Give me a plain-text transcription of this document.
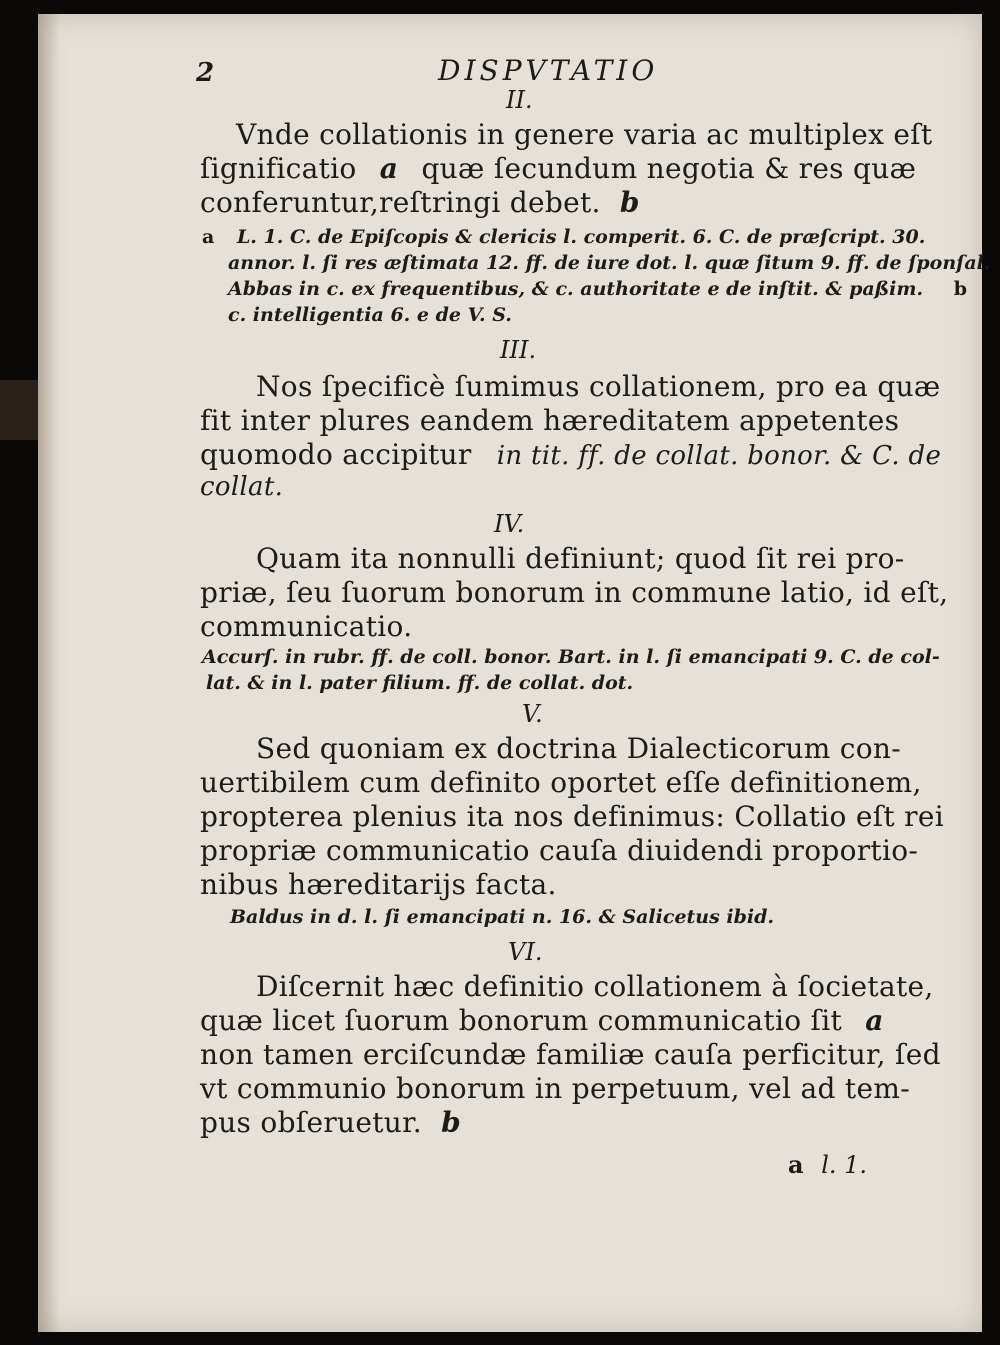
2	DISPVTATIO
II.
Vnde collationis in genere varia ac multiplex eſt
ſignificatio a quæ ſecundum negotia & res quæ
conferuntur,reſtringi debet. b
a L. 1. C. de Epiſcopis & clericis l. comperit. 6. C. de præſcript. 30.
annor. l. ſi res æſtimata 12. ff. de iure dot. l. quæ ſitum 9. ff. de ſponſal.
Abbas in c. ex frequentibus, & c. authoritate e de inſtit. & paßim. b
c. intelligentia 6. e de V. S.
III.
Nos ſpecificè ſumimus collationem, pro ea quæ
fit inter plures eandem hæreditatem appetentes
quomodo accipitur in tit. ff. de collat. bonor. & C. de
collat.
IV.
Quam ita nonnulli definiunt; quod ſit rei pro-
priæ, ſeu ſuorum bonorum in commune latio, id eſt,
communicatio.
Accurſ. in rubr. ff. de coll. bonor. Bart. in l. ſi emancipati 9. C. de col-
lat. & in l. pater filium. ff. de collat. dot.
V.
Sed quoniam ex doctrina Dialecticorum con-
uertibilem cum definito oportet eſſe definitionem,
propterea plenius ita nos definimus: Collatio eſt rei
propriæ communicatio cauſa diuidendi proportio-
nibus hæreditarijs facta.
Baldus in d. l. ſi emancipati n. 16. & Salicetus ibid.
VI.
Diſcernit hæc definitio collationem à ſocietate,
quæ licet ſuorum bonorum communicatio ſit a
non tamen erciſcundæ familiæ cauſa perficitur, ſed
vt communio bonorum in perpetuum, vel ad tem-
pus obſeruetur. b
a l. 1.
